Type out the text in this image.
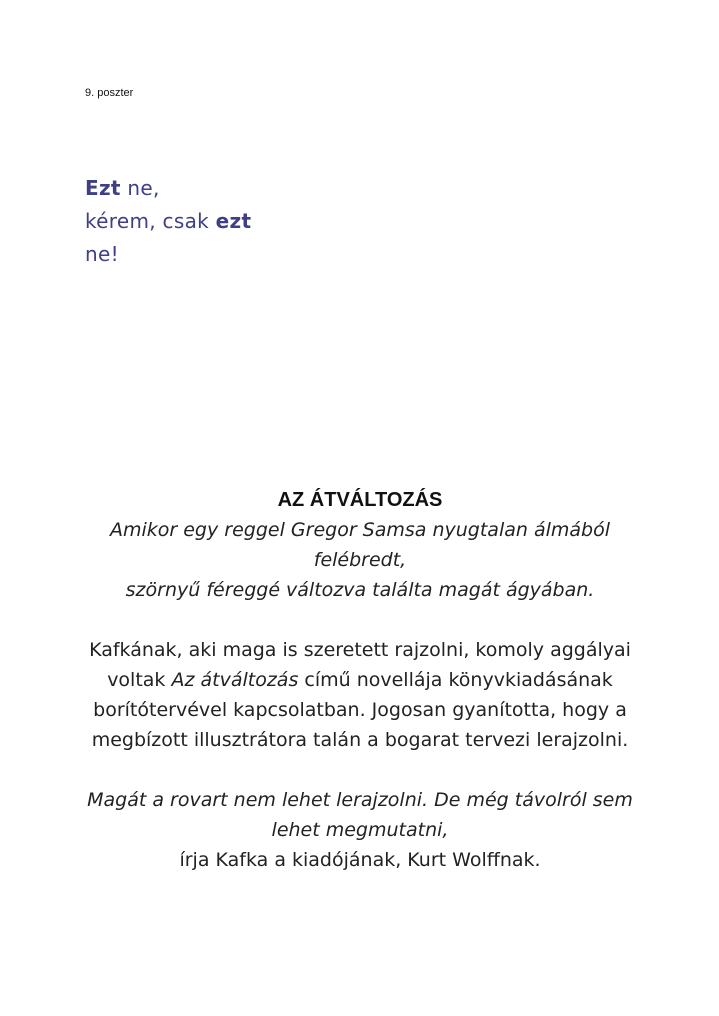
9. poszter
Ezt ne,
kérem, csak ezt
ne!
AZ ÁTVÁLTOZÁS

Amikor egy reggel Gregor Samsa nyugtalan álmából
felébredt,
szörnyű féreggé változva találta magát ágyában.

Kafkának, aki maga is szeretett rajzolni, komoly aggályai
voltak Az átváltozás című novellája könyvkiadásának
borítótervével kapcsolatban. Jogosan gyanította, hogy a
megbízott illusztrátora talán a bogarat tervezi lerajzolni.

Magát a rovart nem lehet lerajzolni. De még távolról sem
lehet megmutatni,
írja Kafka a kiadójának, Kurt Wolffnak.
